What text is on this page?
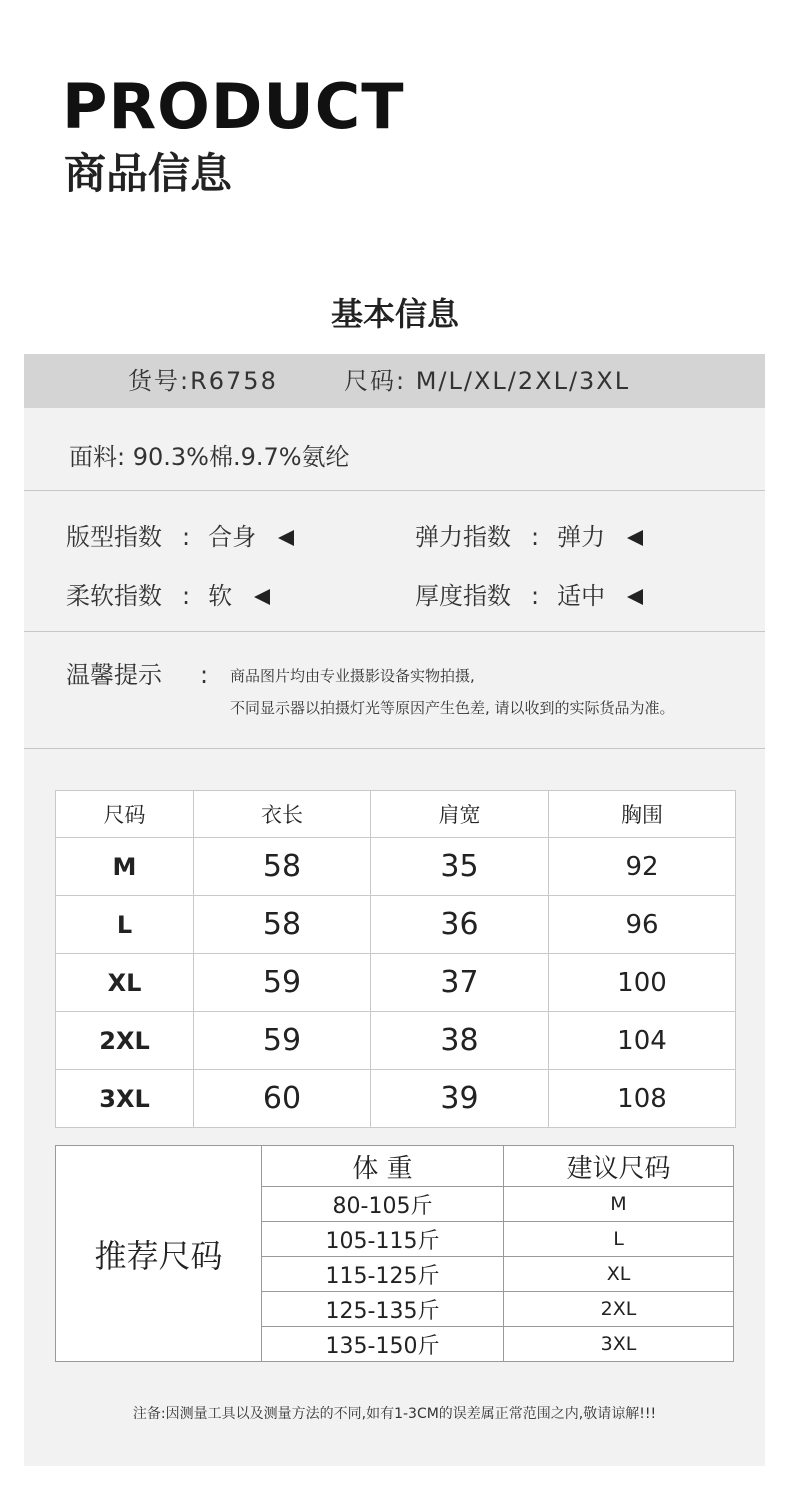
PRODUCT
商品信息
基本信息
货号:R6758	尺码: M/L/XL/2XL/3XL
面料: 90.3%棉.9.7%氨纶
版型指数 : 合身	弹力指数 : 弹力
柔软指数 : 软	厚度指数 : 适中
温馨提示 : 商品图片均由专业摄影设备实物拍摄,
不同显示器以拍摄灯光等原因产生色差, 请以收到的实际货品为准。
尺码	衣长	肩宽	胸围
M	58	35	92
L	58	36	96
XL	59	37	100
2XL	59	38	104
3XL	60	39	108
推荐尺码	体 重	建议尺码
	80-105斤	M
	105-115斤	L
	115-125斤	XL
	125-135斤	2XL
	135-150斤	3XL
注备:因测量工具以及测量方法的不同,如有1-3CM的误差属正常范围之内,敬请谅解!!!
